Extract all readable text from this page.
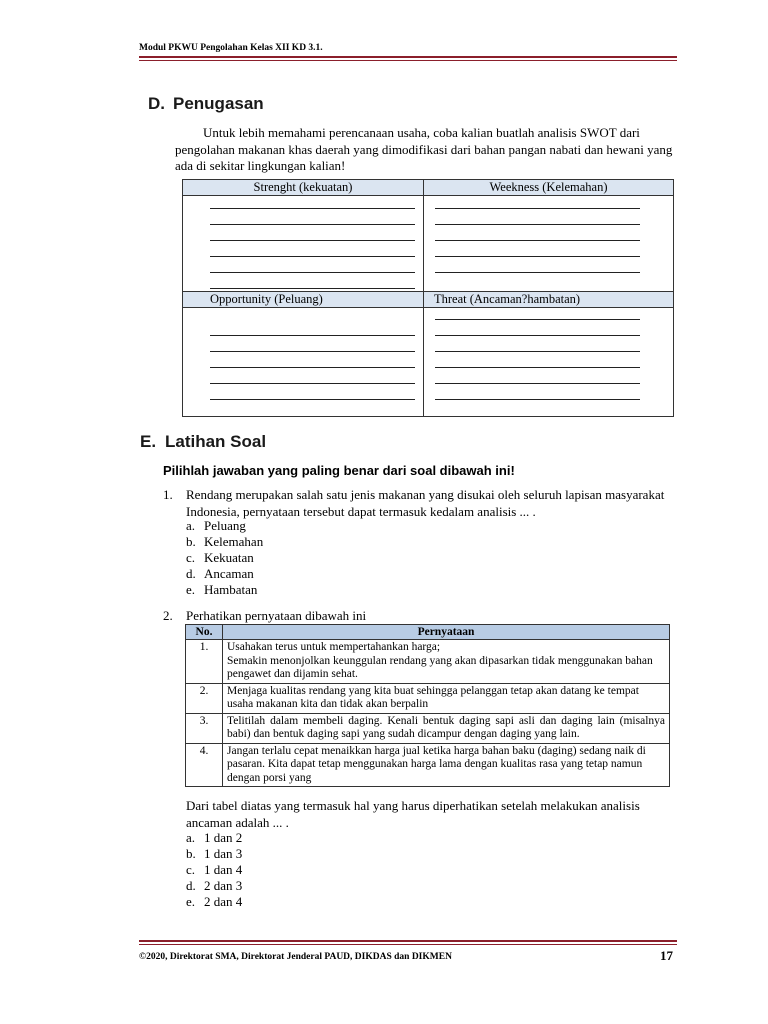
Modul PKWU Pengolahan Kelas XII KD 3.1.
D. Penugasan
Untuk lebih memahami perencanaan usaha, coba kalian buatlah analisis SWOT dari pengolahan makanan khas daerah yang dimodifikasi dari bahan pangan nabati dan hewani yang ada di sekitar lingkungan kalian!
Strenght (kekuatan)	Weekness (Kelemahan)
Opportunity (Peluang)	Threat (Ancaman?hambatan)
E. Latihan Soal
Pilihlah jawaban yang paling benar dari soal dibawah ini!
1. Rendang merupakan salah satu jenis makanan yang disukai oleh seluruh lapisan masyarakat Indonesia, pernyataan tersebut dapat termasuk kedalam analisis ... .
a. Peluang
b. Kelemahan
c. Kekuatan
d. Ancaman
e. Hambatan
2. Perhatikan pernyataan dibawah ini
No.	Pernyataan
1.	Usahakan terus untuk mempertahankan harga;
Semakin menonjolkan keunggulan rendang yang akan dipasarkan tidak menggunakan bahan pengawet dan dijamin sehat.

2.	Menjaga kualitas rendang yang kita buat sehingga pelanggan tetap akan datang ke tempat usaha makanan kita dan tidak akan berpalin
3.	Telitilah dalam membeli daging. Kenali bentuk daging sapi asli dan daging lain (misalnya babi) dan bentuk daging sapi yang sudah dicampur dengan daging yang lain.
4.	Jangan terlalu cepat menaikkan harga jual ketika harga bahan baku (daging) sedang naik di pasaran. Kita dapat tetap menggunakan harga lama dengan kualitas rasa yang tetap namun dengan porsi yang
Dari tabel diatas yang termasuk hal yang harus diperhatikan setelah melakukan analisis ancaman adalah ... .
a. 1 dan 2
b. 1 dan 3
c. 1 dan 4
d. 2 dan 3
e. 2 dan 4
©2020, Direktorat SMA, Direktorat Jenderal PAUD, DIKDAS dan DIKMEN	17
